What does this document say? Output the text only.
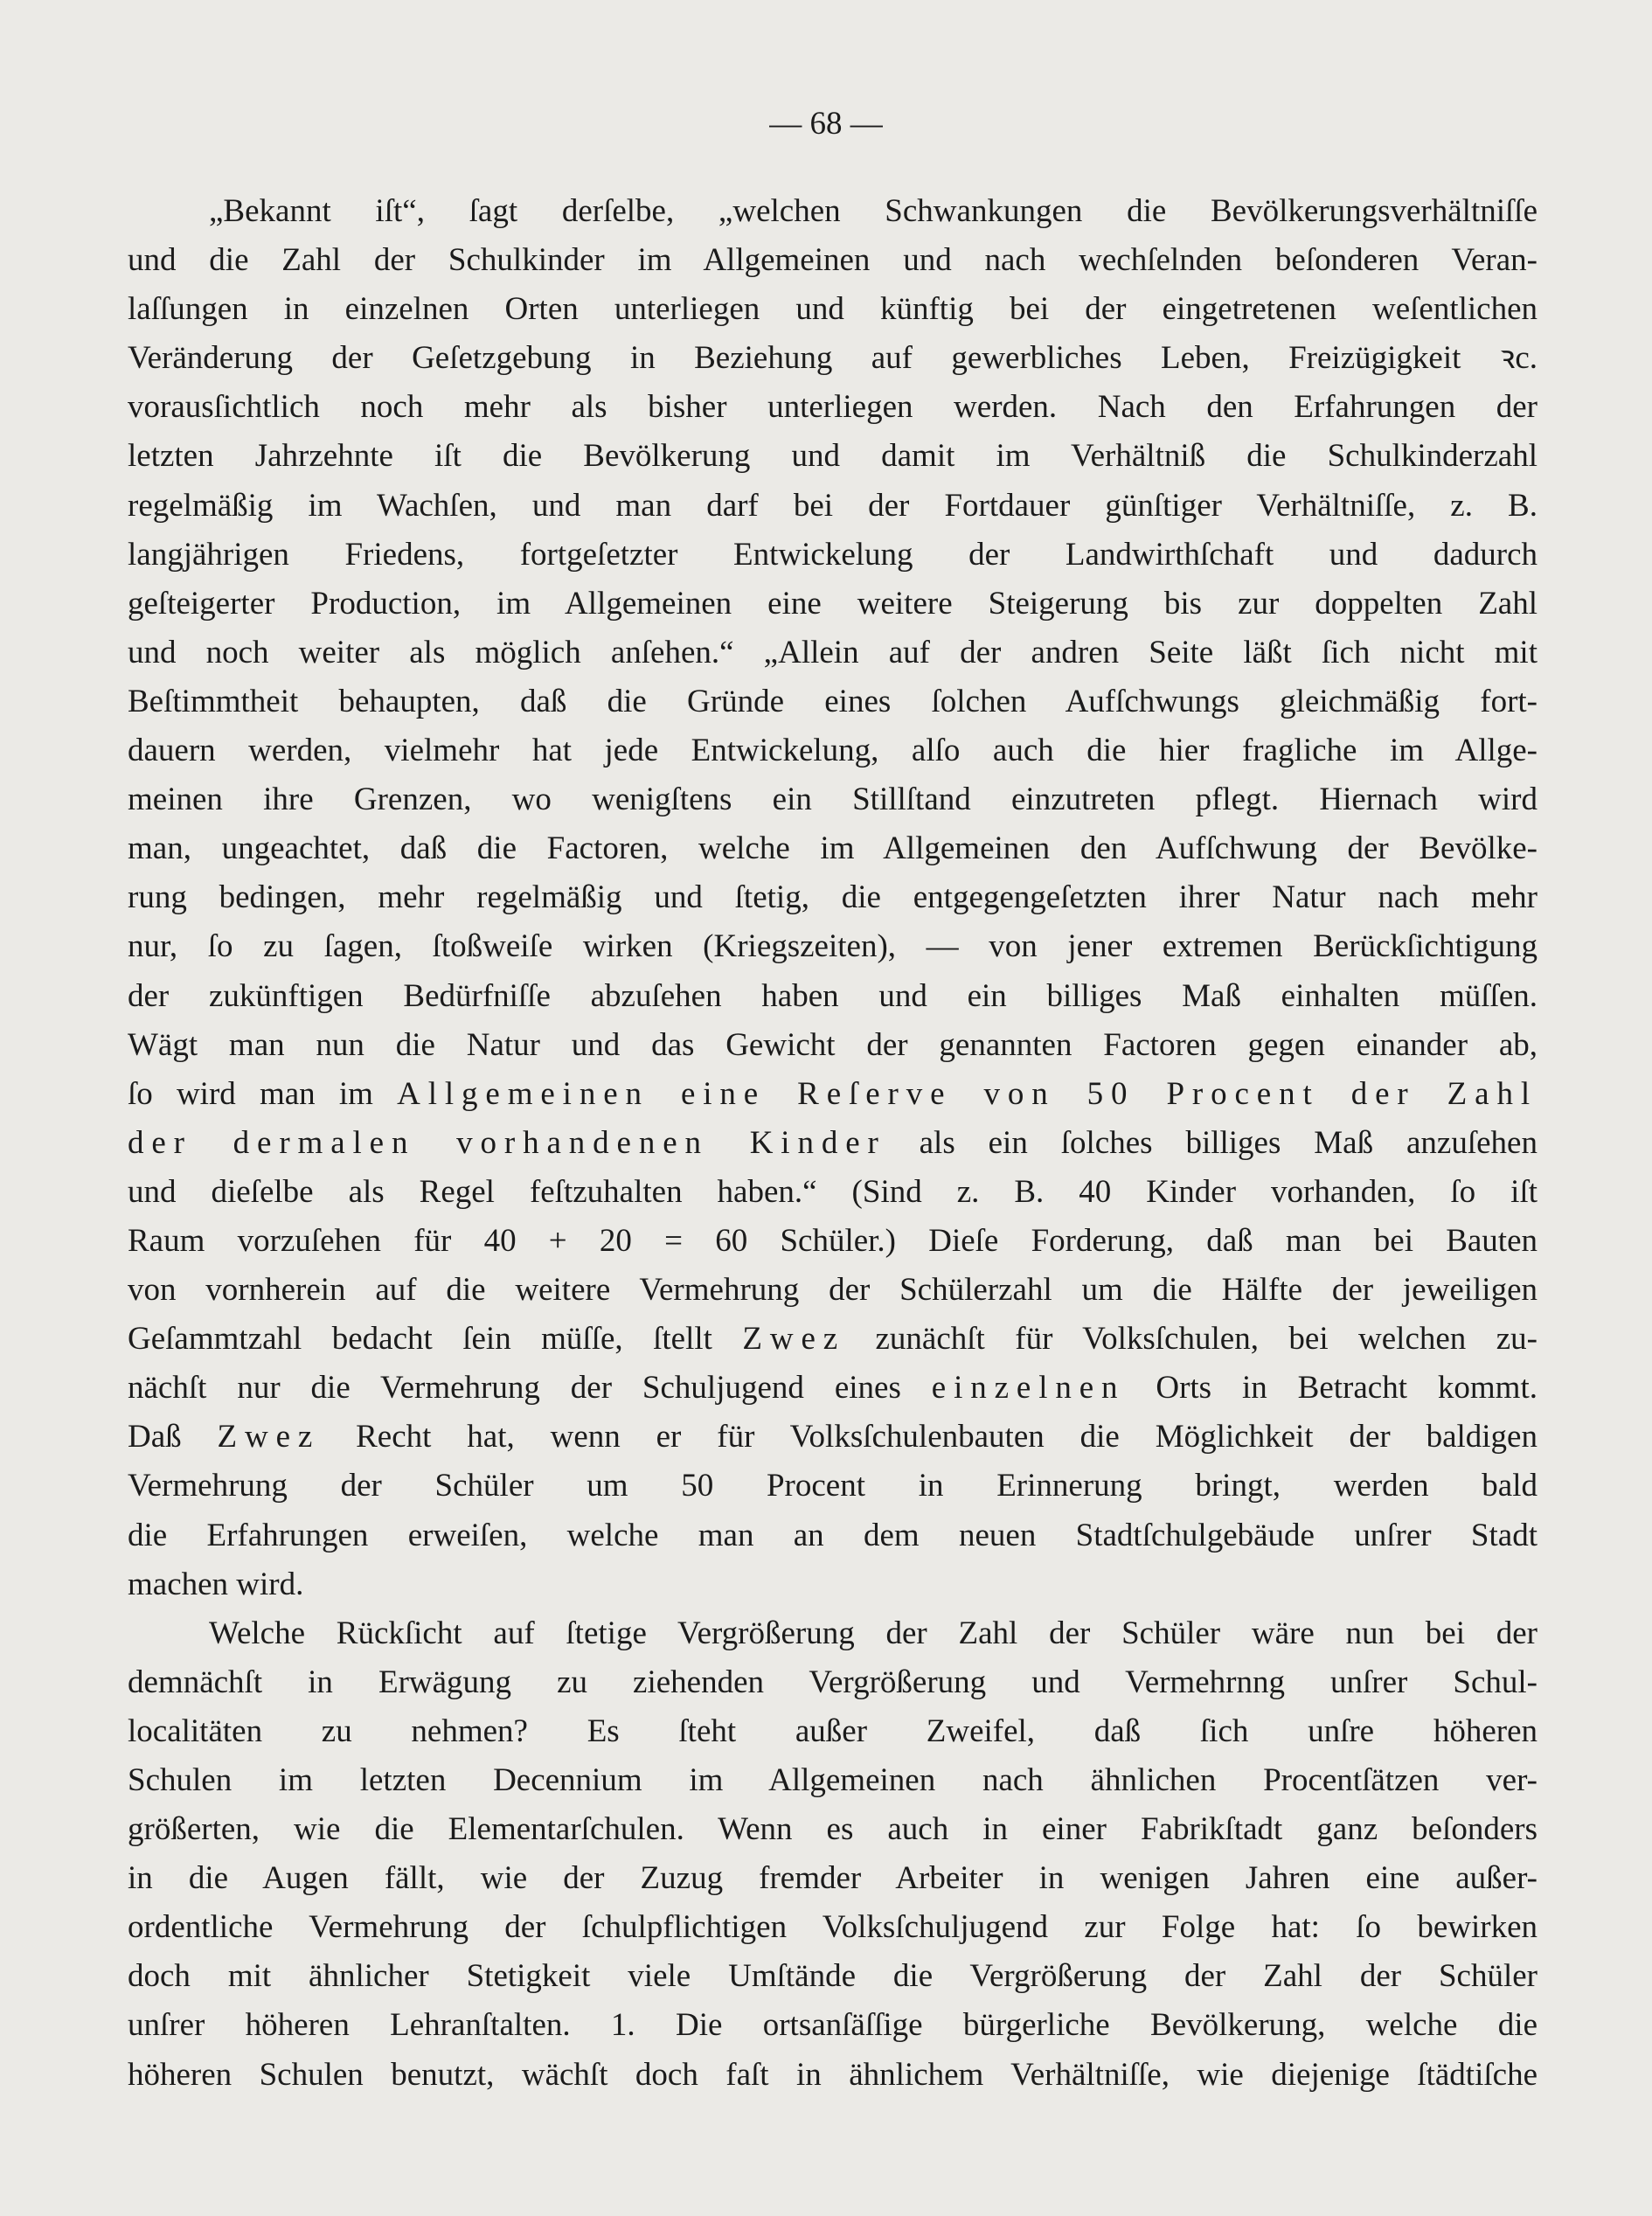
— 68 —
„Bekannt iſt“, ſagt derſelbe, „welchen Schwankungen die Bevölkerungsverhältniſſe
und die Zahl der Schulkinder im Allgemeinen und nach wechſelnden beſonderen Veran-
laſſungen in einzelnen Orten unterliegen und künftig bei der eingetretenen weſentlichen
Veränderung der Geſetzgebung in Beziehung auf gewerbliches Leben, Freizügigkeit ꝛc.
vorausſichtlich noch mehr als bisher unterliegen werden. Nach den Erfahrungen der
letzten Jahrzehnte iſt die Bevölkerung und damit im Verhältniß die Schulkinderzahl
regelmäßig im Wachſen, und man darf bei der Fortdauer günſtiger Verhältniſſe, z. B.
langjährigen Friedens, fortgeſetzter Entwickelung der Landwirthſchaft und dadurch
geſteigerter Production, im Allgemeinen eine weitere Steigerung bis zur doppelten Zahl
und noch weiter als möglich anſehen.“ „Allein auf der andren Seite läßt ſich nicht mit
Beſtimmtheit behaupten, daß die Gründe eines ſolchen Aufſchwungs gleichmäßig fort-
dauern werden, vielmehr hat jede Entwickelung, alſo auch die hier fragliche im Allge-
meinen ihre Grenzen, wo wenigſtens ein Stillſtand einzutreten pflegt. Hiernach wird
man, ungeachtet, daß die Factoren, welche im Allgemeinen den Aufſchwung der Bevölke-
rung bedingen, mehr regelmäßig und ſtetig, die entgegengeſetzten ihrer Natur nach mehr
nur, ſo zu ſagen, ſtoßweiſe wirken (Kriegszeiten), — von jener extremen Berückſichtigung
der zukünftigen Bedürfniſſe abzuſehen haben und ein billiges Maß einhalten müſſen.
Wägt man nun die Natur und das Gewicht der genannten Factoren gegen einander ab,
ſo wird man im Allgemeinen eine Reſerve von 50 Procent der Zahl
der dermalen vorhandenen Kinder als ein ſolches billiges Maß anzuſehen
und dieſelbe als Regel feſtzuhalten haben.“ (Sind z. B. 40 Kinder vorhanden, ſo iſt
Raum vorzuſehen für 40 + 20 = 60 Schüler.) Dieſe Forderung, daß man bei Bauten
von vornherein auf die weitere Vermehrung der Schülerzahl um die Hälfte der jeweiligen
Geſammtzahl bedacht ſein müſſe, ſtellt Zwez zunächſt für Volksſchulen, bei welchen zu-
nächſt nur die Vermehrung der Schuljugend eines einzelnen Orts in Betracht kommt.
Daß Zwez Recht hat, wenn er für Volksſchulenbauten die Möglichkeit der baldigen
Vermehrung der Schüler um 50 Procent in Erinnerung bringt, werden bald
die Erfahrungen erweiſen, welche man an dem neuen Stadtſchulgebäude unſrer Stadt
machen wird.
Welche Rückſicht auf ſtetige Vergrößerung der Zahl der Schüler wäre nun bei der
demnächſt in Erwägung zu ziehenden Vergrößerung und Vermehrnng unſrer Schul-
localitäten zu nehmen? Es ſteht außer Zweifel, daß ſich unſre höheren
Schulen im letzten Decennium im Allgemeinen nach ähnlichen Procentſätzen ver-
größerten, wie die Elementarſchulen. Wenn es auch in einer Fabrikſtadt ganz beſonders
in die Augen fällt, wie der Zuzug fremder Arbeiter in wenigen Jahren eine außer-
ordentliche Vermehrung der ſchulpflichtigen Volksſchuljugend zur Folge hat: ſo bewirken
doch mit ähnlicher Stetigkeit viele Umſtände die Vergrößerung der Zahl der Schüler
unſrer höheren Lehranſtalten. 1. Die ortsanſäſſige bürgerliche Bevölkerung, welche die
höheren Schulen benutzt, wächſt doch faſt in ähnlichem Verhältniſſe, wie diejenige ſtädtiſche
